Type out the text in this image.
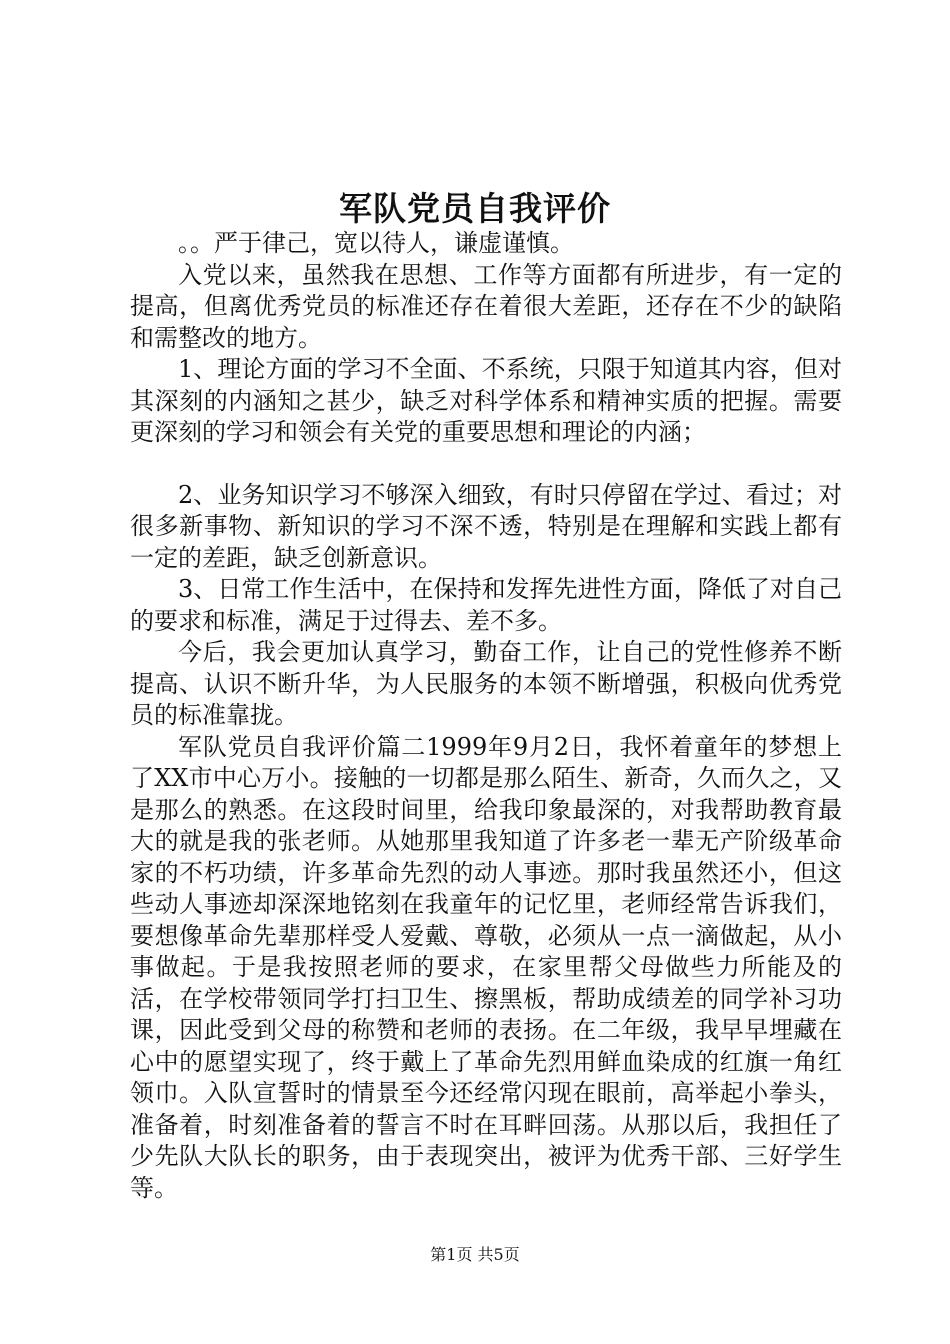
军队党员自我评价

。。严于律己，宽以待人，谦虚谨慎。

入党以来，虽然我在思想、工作等方面都有所进步，有一定的提高，但离优秀党员的标准还存在着很大差距，还存在不少的缺陷和需整改的地方。

1、理论方面的学习不全面、不系统，只限于知道其内容，但对其深刻的内涵知之甚少，缺乏对科学体系和精神实质的把握。需要更深刻的学习和领会有关党的重要思想和理论的内涵；

2、业务知识学习不够深入细致，有时只停留在学过、看过；对很多新事物、新知识的学习不深不透，特别是在理解和实践上都有一定的差距，缺乏创新意识。

3、日常工作生活中，在保持和发挥先进性方面，降低了对自己的要求和标准，满足于过得去、差不多。

今后，我会更加认真学习，勤奋工作，让自己的党性修养不断提高、认识不断升华，为人民服务的本领不断增强，积极向优秀党员的标准靠拢。

军队党员自我评价篇二1999年9月2日，我怀着童年的梦想上了XX市中心万小。接触的一切都是那么陌生、新奇，久而久之，又是那么的熟悉。在这段时间里，给我印象最深的，对我帮助教育最大的就是我的张老师。从她那里我知道了许多老一辈无产阶级革命家的不朽功绩，许多革命先烈的动人事迹。那时我虽然还小，但这些动人事迹却深深地铭刻在我童年的记忆里，老师经常告诉我们，要想像革命先辈那样受人爱戴、尊敬，必须从一点一滴做起，从小事做起。于是我按照老师的要求，在家里帮父母做些力所能及的活，在学校带领同学打扫卫生、擦黑板，帮助成绩差的同学补习功课，因此受到父母的称赞和老师的表扬。在二年级，我早早埋藏在心中的愿望实现了，终于戴上了革命先烈用鲜血染成的红旗一角红领巾。入队宣誓时的情景至今还经常闪现在眼前，高举起小拳头，准备着，时刻准备着的誓言不时在耳畔回荡。从那以后，我担任了少先队大队长的职务，由于表现突出，被评为优秀干部、三好学生等。

第1页 共5页
